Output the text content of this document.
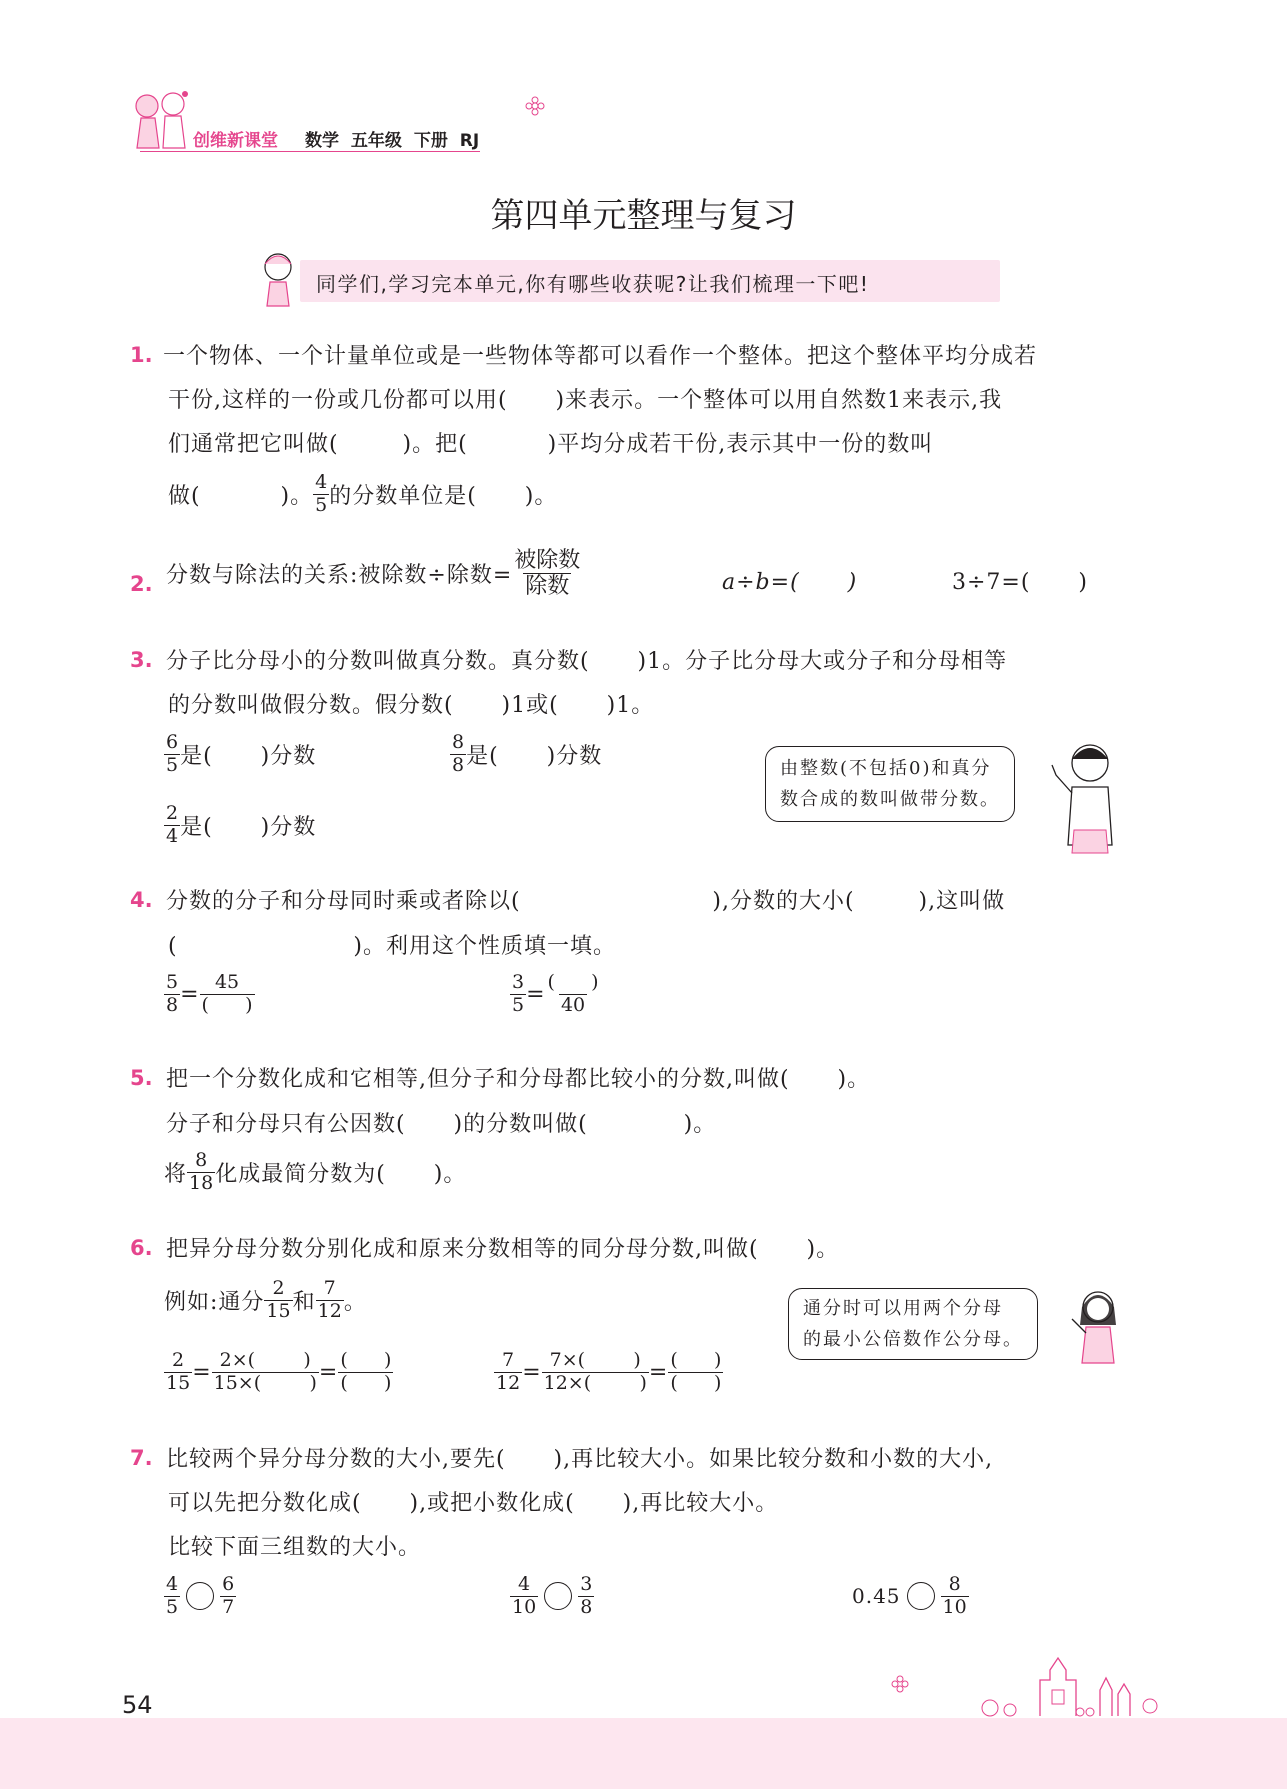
创维新课堂 数学 五年级 下册 RJ
第四单元整理与复习
同学们,学习完本单元,你有哪些收获呢?让我们梳理一下吧!
1. 一个物体、一个计量单位或是一些物体等都可以看作一个整体。把这个整体平均分成若
干份,这样的一份或几份都可以用(      )来表示。一个整体可以用自然数1来表示,我
们通常把它叫做(        )。把(          )平均分成若干份,表示其中一份的数叫
做(          )。 $\frac{4}{5}$ 的分数单位是(      )。
2. 分数与除法的关系:被除数÷除数= $\frac{\text{被除数}}{\text{除数}}$	a÷b=(      )	3÷7=(      )
3. 分子比分母小的分数叫做真分数。真分数(      )1。分子比分母大或分子和分母相等
的分数叫做假分数。假分数(      )1或(      )1。
$\frac{6}{5}$ 是(      )分数	$\frac{8}{8}$ 是(      )分数
$\frac{2}{4}$ 是(      )分数
由整数(不包括0)和真分
数合成的数叫做带分数。
4. 分数的分子和分母同时乘或者除以(                        ),分数的大小(        ),这叫做
(                      )。利用这个性质填一填。
$\frac{5}{8} = \frac{45}{( )}$	$\frac{3}{5} = \frac{( )}{40}$
5. 把一个分数化成和它相等,但分子和分母都比较小的分数,叫做(      )。
分子和分母只有公因数(      )的分数叫做(            )。
将 $\frac{8}{18}$ 化成最简分数为(      )。
6. 把异分母分数分别化成和原来分数相等的同分母分数,叫做(      )。
例如:通分 $\frac{2}{15}$ 和 $\frac{7}{12}$ 。	通分时可以用两个分母
的最小公倍数作公分母。
$\frac{2}{15} = \frac{2\times( )}{15\times( )} = \frac{( )}{( )}$	$\frac{7}{12} = \frac{7\times( )}{12\times( )} = \frac{( )}{( )}$
7. 比较两个异分母分数的大小,要先(      ),再比较大小。如果比较分数和小数的大小,
可以先把分数化成(      ),或把小数化成(      ),再比较大小。
比较下面三组数的大小。
$\frac{4}{5} \frac{6}{7}$	$\frac{4}{10} \frac{3}{8}$	$0.45 \frac{8}{10}$
54
